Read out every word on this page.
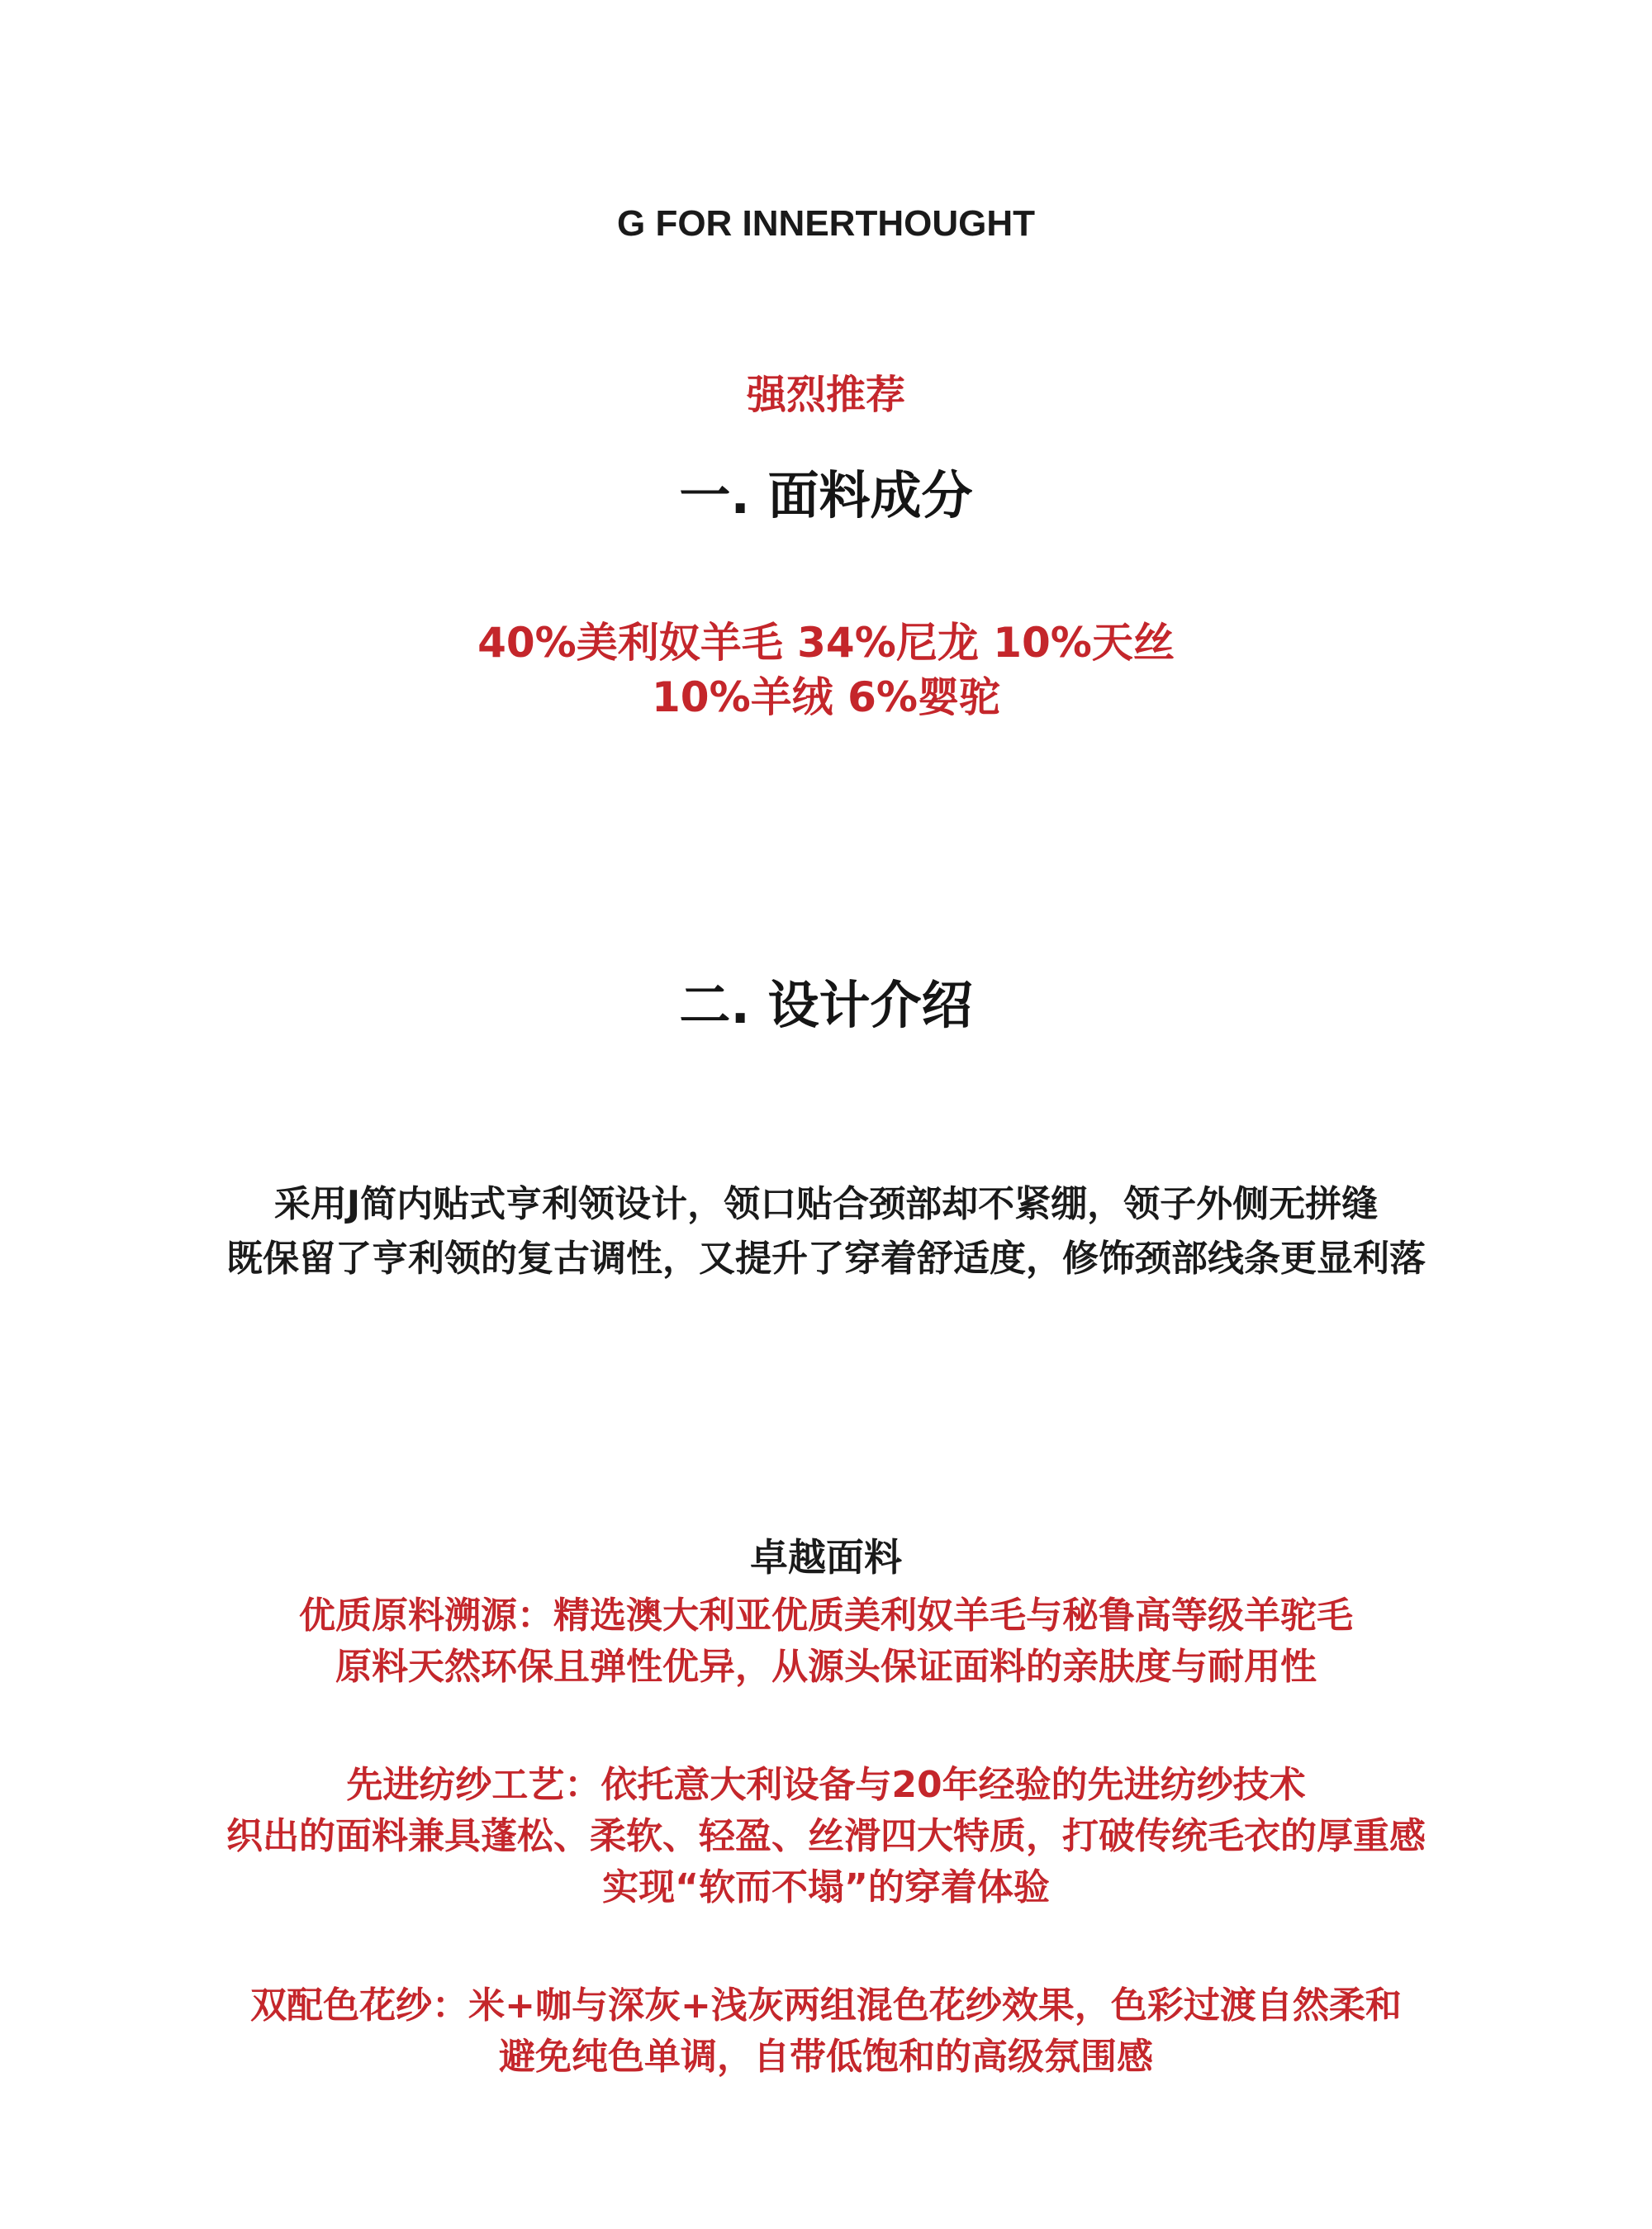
G FOR INNERTHOUGHT

强烈推荐

一. 面料成分
40%美利奴羊毛 34%尼龙 10%天丝
10%羊绒 6%婴驼
二. 设计介绍
采用J简内贴式亨利领设计，领口贴合颈部却不紧绷，领子外侧无拼缝
既保留了亨利领的复古调性，又提升了穿着舒适度，修饰颈部线条更显利落
卓越面料
优质原料溯源：精选澳大利亚优质美利奴羊毛与秘鲁高等级羊驼毛
原料天然环保且弹性优异，从源头保证面料的亲肤度与耐用性
先进纺纱工艺：依托意大利设备与20年经验的先进纺纱技术
织出的面料兼具蓬松、柔软、轻盈、丝滑四大特质，打破传统毛衣的厚重感
实现“软而不塌”的穿着体验
双配色花纱：米+咖与深灰+浅灰两组混色花纱效果，色彩过渡自然柔和
避免纯色单调，自带低饱和的高级氛围感
